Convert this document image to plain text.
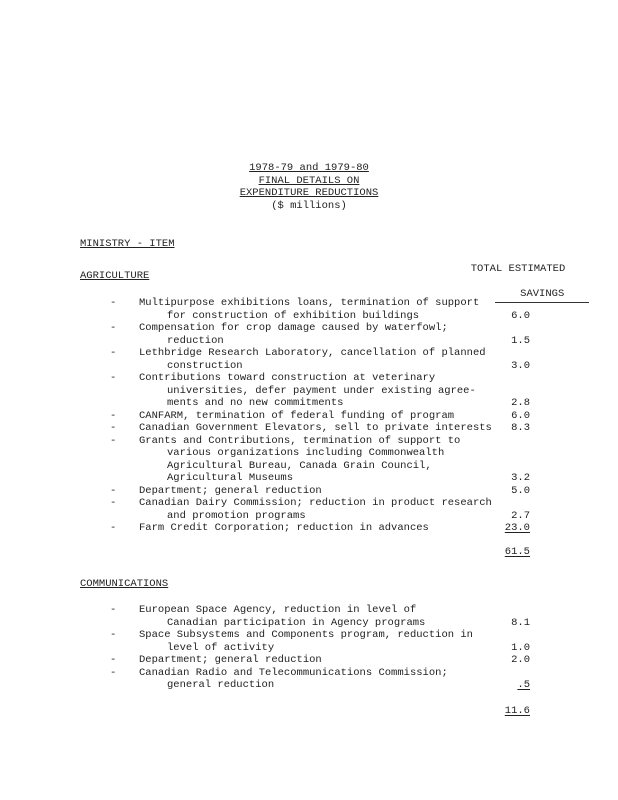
1978-79 and 1979-80
FINAL DETAILS ON
EXPENDITURE REDUCTIONS
($ millions)
MINISTRY - ITEM

TOTAL ESTIMATED

SAVINGS

AGRICULTURE
- Multipurpose exhibitions loans, termination of support
for construction of exhibition buildings	6.0
- Compensation for crop damage caused by waterfowl;
reduction	1.5
- Lethbridge Research Laboratory, cancellation of planned
construction	3.0
- Contributions toward construction at veterinary
universities, defer payment under existing agree-
ments and no new commitments	2.8
- CANFARM, termination of federal funding of program	6.0
- Canadian Government Elevators, sell to private interests 8.3
- Grants and Contributions, termination of support to
various organizations including Commonwealth
Agricultural Bureau, Canada Grain Council,
Agricultural Museums	3.2
- Department; general reduction	5.0
- Canadian Dairy Commission; reduction in product research
and promotion programs	2.7
- Farm Credit Corporation; reduction in advances	23.0
61.5
COMMUNICATIONS
- European Space Agency, reduction in level of
Canadian participation in Agency programs	8.1
- Space Subsystems and Components program, reduction in
level of activity	1.0
- Department; general reduction	2.0
- Canadian Radio and Telecommunications Commission;
general reduction	.5
11.6
